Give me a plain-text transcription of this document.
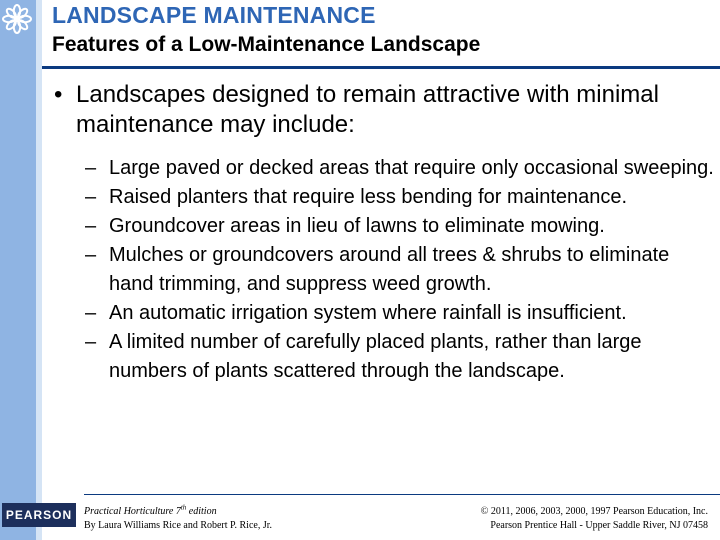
LANDSCAPE MAINTENANCE
Features of a Low-Maintenance Landscape
• Landscapes designed to remain attractive with minimal maintenance may include:
– Large paved or decked areas that require only occasional sweeping.
– Raised planters that require less bending for maintenance.
– Groundcover areas in lieu of lawns to eliminate mowing.
– Mulches or groundcovers around all trees & shrubs to eliminate hand trimming, and suppress weed growth.
– An automatic irrigation system where rainfall is insufficient.
– A limited number of carefully placed plants, rather than large numbers of plants scattered through the landscape.
PEARSON	Practical Horticulture 7th edition
By Laura Williams Rice and Robert P. Rice, Jr.
© 2011, 2006, 2003, 2000, 1997 Pearson Education, Inc.
Pearson Prentice Hall - Upper Saddle River, NJ 07458
